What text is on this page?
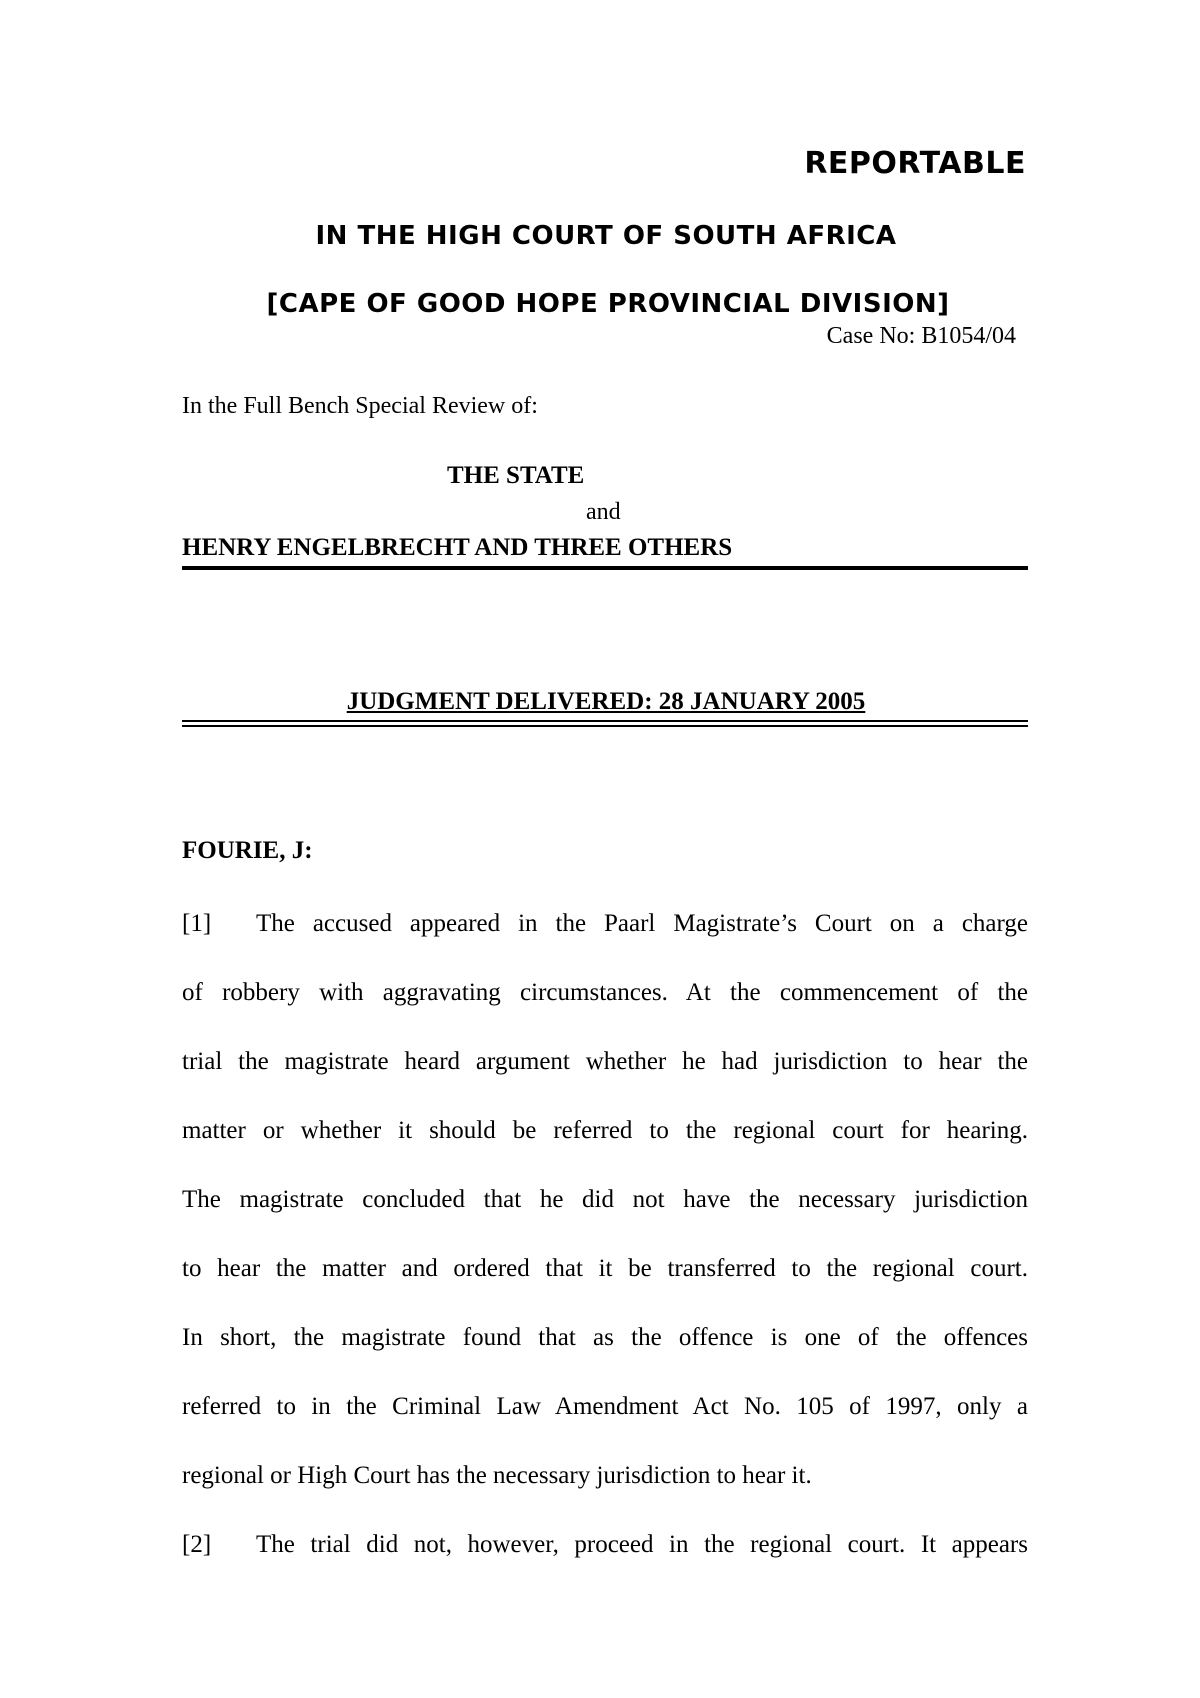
REPORTABLE
IN THE HIGH COURT OF SOUTH AFRICA
[CAPE OF GOOD HOPE PROVINCIAL DIVISION]
Case No: B1054/04
In the Full Bench Special Review of:
THE STATE
and
HENRY ENGELBRECHT AND THREE OTHERS
JUDGMENT DELIVERED: 28 JANUARY 2005
FOURIE, J:
[1] The accused appeared in the Paarl Magistrate’s Court on a charge
of robbery with aggravating circumstances. At the commencement of the
trial the magistrate heard argument whether he had jurisdiction to hear the
matter or whether it should be referred to the regional court for hearing.
The magistrate concluded that he did not have the necessary jurisdiction
to hear the matter and ordered that it be transferred to the regional court.
In short, the magistrate found that as the offence is one of the offences
referred to in the Criminal Law Amendment Act No. 105 of 1997, only a
regional or High Court has the necessary jurisdiction to hear it.
[2] The trial did not, however, proceed in the regional court. It appears
